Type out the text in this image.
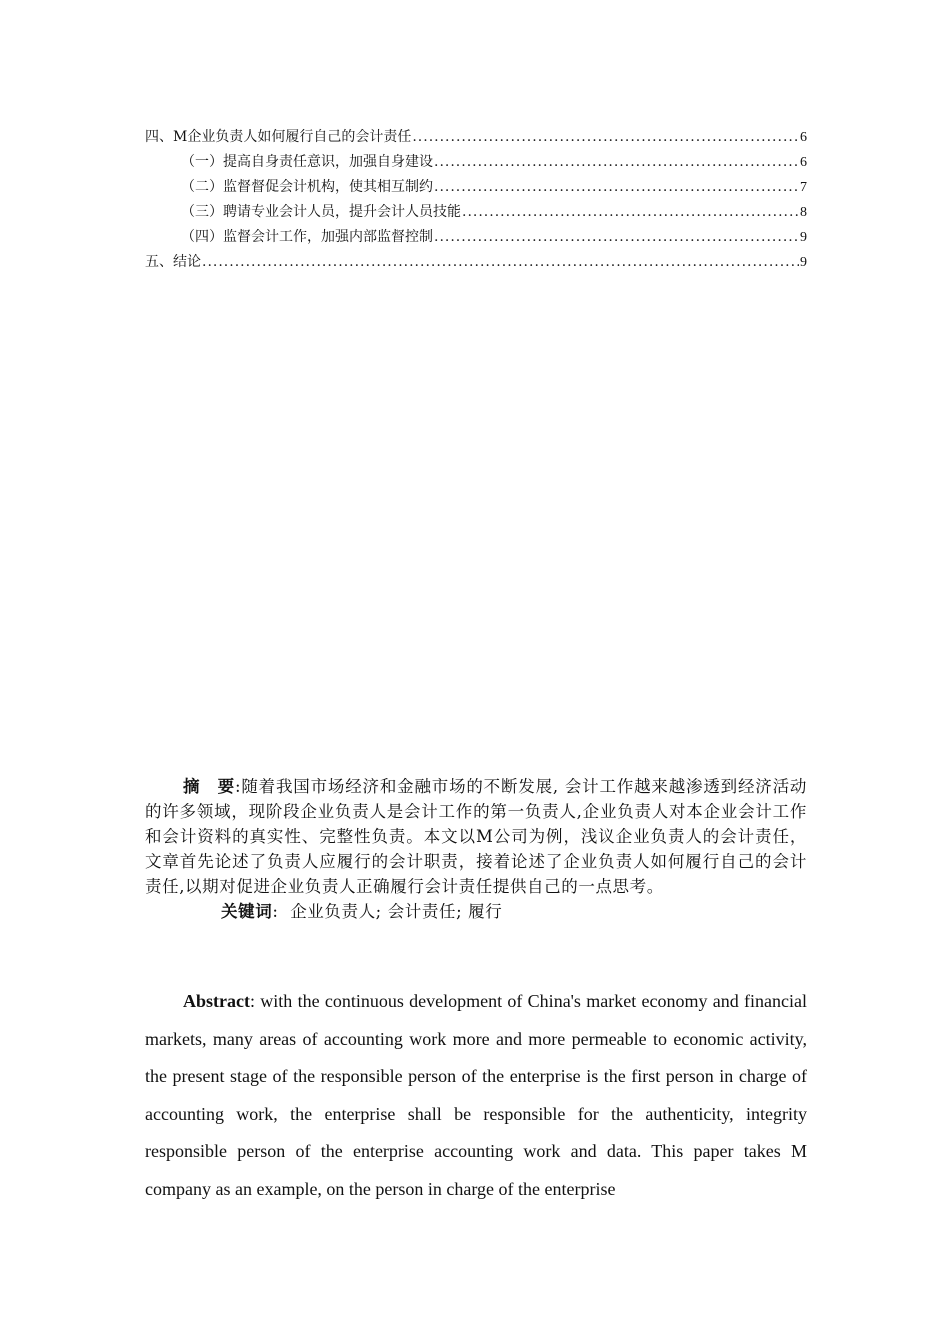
四、M企业负责人如何履行自己的会计责任 .....	6
（一）提高自身责任意识，加强自身建设 .....	6
（二）监督督促会计机构，使其相互制约 .....	7
（三）聘请专业会计人员，提升会计人员技能 .....	8
（四）监督会计工作，加强内部监督控制 .....	9
五、结论 .....	9

摘　要:随着我国市场经济和金融市场的不断发展, 会计工作越来越渗透到经济活动的许多领域，现阶段企业负责人是会计工作的第一负责人,企业负责人对本企业会计工作和会计资料的真实性、完整性负责。本文以M公司为例，浅议企业负责人的会计责任，文章首先论述了负责人应履行的会计职责，接着论述了企业负责人如何履行自己的会计责任,以期对促进企业负责人正确履行会计责任提供自己的一点思考。

关键词: 企业负责人; 会计责任; 履行

Abstract: with the continuous development of China's market economy and financial markets, many areas of accounting work more and more permeable to economic activity, the present stage of the responsible person of the enterprise is the first person in charge of accounting work, the enterprise shall be responsible for the authenticity, integrity responsible person of the enterprise accounting work and data. This paper takes M company as an example, on the person in charge of the enterprise
